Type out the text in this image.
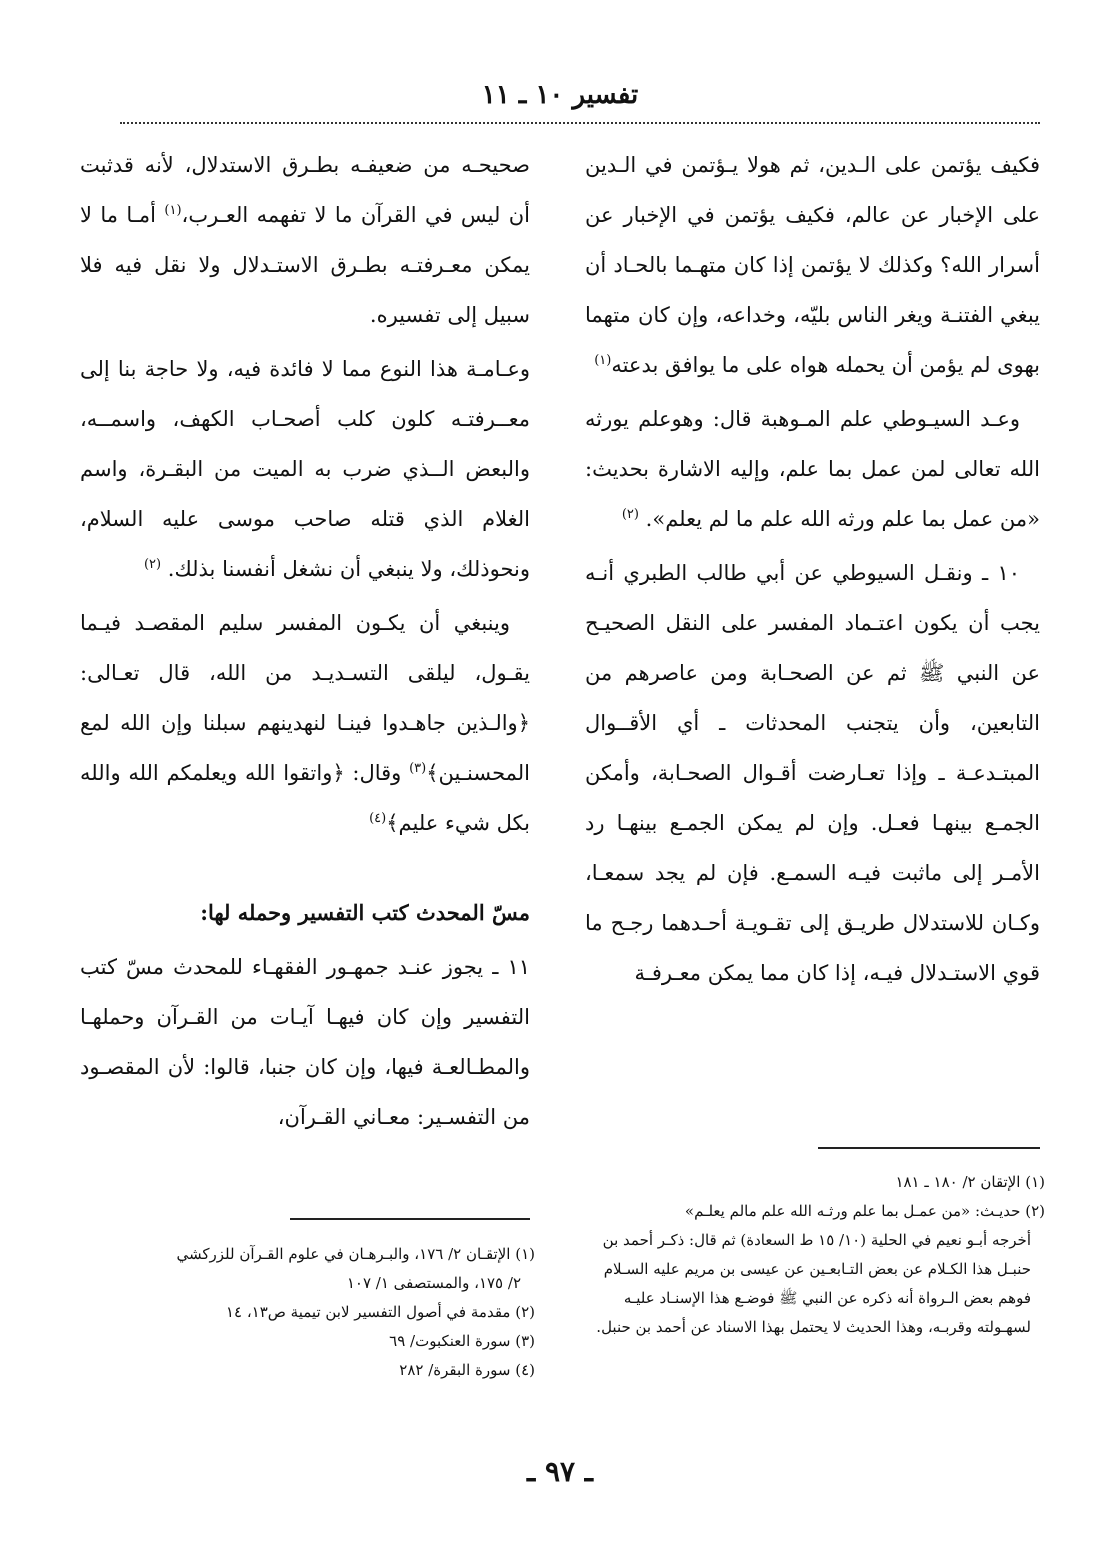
تفسير ١٠ ـ ١١

فكيف يؤتمن على الـدين، ثم هولا يـؤتمن في الـدين على الإخبار عن عالم، فكيف يؤتمن في الإخبار عن أسرار الله؟ وكذلك لا يؤتمن إذا كان متهـما بالحـاد أن يبغي الفتنـة ويغر الناس بليّه، وخداعه، وإن كان متهما بهوى لم يؤمن أن يحمله هواه على ما يوافق بدعته$^{(١)}$

وعـد السيـوطي علم المـوهبة قال: وهوعلم يورثه الله تعالى لمن عمل بما علم، وإليه الاشارة بحديث: «من عمل بما علم ورثه الله علم ما لم يعلم». $^{(٢)}$

١٠ ـ ونقـل السيوطي عن أبي طالب الطبري أنـه يجب أن يكون اعتـماد المفسر على النقل الصحيـح عن النبي ﷺ ثم عن الصحـابة ومن عاصرهم من التابعين، وأن يتجنب المحدثات ـ أي الأقــوال المبتـدعـة ـ وإذا تعـارضت أقـوال الصحـابة، وأمكن الجمـع بينهـا فعـل. وإن لم يمكن الجمـع بينهـا رد الأمـر إلى ماثبت فيـه السمـع. فإن لم يجد سمعـا، وكـان للاستدلال طريـق إلى تقـويـة أحـدهما رجـح ما قوي الاستـدلال فيـه، إذا كان مما يمكن معـرفـة

صحيحـه من ضعيفـه بطـرق الاستدلال، لأنه قدثبت أن ليس في القرآن ما لا تفهمه العـرب،$^{(١)}$ أمـا ما لا يمكن معـرفتـه بطـرق الاستـدلال ولا نقل فيه فلا سبيل إلى تفسيره.

وعـامـة هذا النوع مما لا فائدة فيه، ولا حاجة بنا إلى معــرفتـه كلون كلب أصحـاب الكهف، واسمــه، والبعض الــذي ضرب به الميت من البقـرة، واسم الغلام الذي قتله صاحب موسى عليه السلام، ونحوذلك، ولا ينبغي أن نشغل أنفسنا بذلك. $^{(٢)}$

وينبغي أن يكـون المفسر سليم المقصـد فيـما يقـول، ليلقى التسـديـد من الله، قال تعـالى: ﴿والـذين جاهـدوا فينـا لنهدينهم سبلنا وإن الله لمع المحسنـين﴾$^{(٣)}$ وقال: ﴿واتقوا الله ويعلمكم الله والله بكل شيء عليم﴾$^{(٤)}$

مسّ المحدث كتب التفسير وحمله لها:

١١ ـ يجوز عنـد جمهـور الفقهـاء للمحدث مسّ كتب التفسير وإن كان فيهـا آيـات من القـرآن وحملهـا والمطـالعـة فيها، وإن كان جنبا، قالوا: لأن المقصـود من التفسـير: معـاني القـرآن،

(١) الإتقان ٢/ ١٨٠ ـ ١٨١
(٢) حديـث: «من عمـل بما علم ورثـه الله علم مالم يعلـم»
أخرجه أبـو نعيم في الحلية (١٠/ ١٥ ط السعادة) ثم قال: ذكـر أحمد بن حنبـل هذا الكـلام عن بعض التـابعـين عن عيسى بن مريم عليه السـلام فوهم بعض الـرواة أنه ذكره عن النبي ﷺ فوضـع هذا الإسنـاد عليـه لسهـولته وقربـه، وهذا الحديث لا يحتمل بهذا الاسناد عن أحمد بن حنبل.
(١) الإتقـان ٢/ ١٧٦، والبـرهـان في علوم القـرآن للزركشي
٢/ ١٧٥، والمستصفى ١/ ١٠٧
(٢) مقدمة في أصول التفسير لابن تيمية ص١٣، ١٤
(٣) سورة العنكبوت/ ٦٩
(٤) سورة البقرة/ ٢٨٢
ـ ٩٧ ـ
